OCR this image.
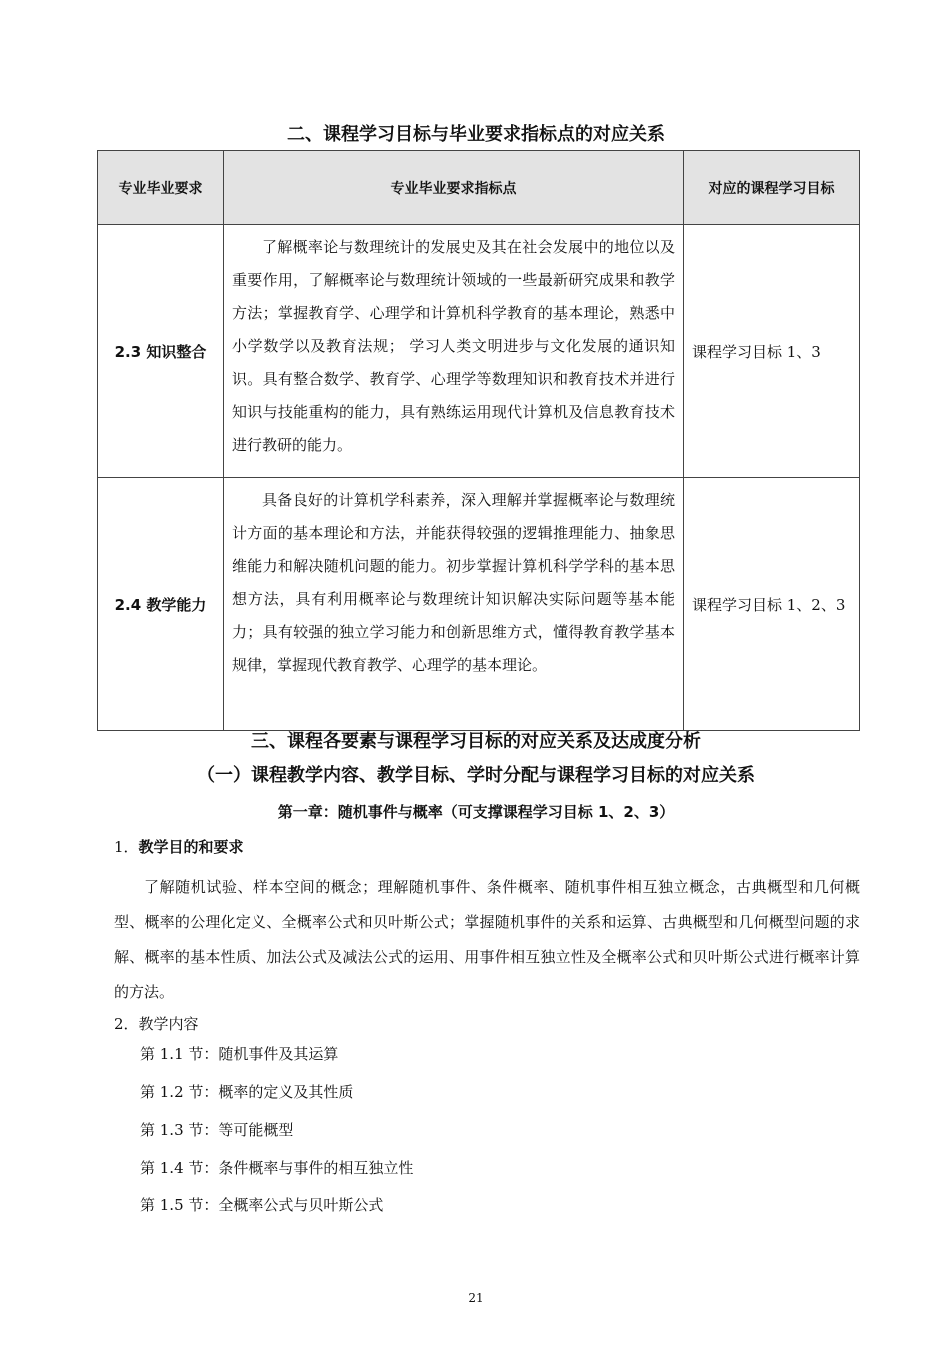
二、课程学习目标与毕业要求指标点的对应关系
专业毕业要求	专业毕业要求指标点	对应的课程学习目标
2.3 知识整合	了解概率论与数理统计的发展史及其在社会发展中的地位以及重要作用，了解概率论与数理统计领域的一些最新研究成果和教学方法；掌握教育学、心理学和计算机科学教育的基本理论，熟悉中小学数学以及教育法规； 学习人类文明进步与文化发展的通识知识。具有整合数学、教育学、心理学等数理知识和教育技术并进行知识与技能重构的能力，具有熟练运用现代计算机及信息教育技术进行教研的能力。	课程学习目标 1、3
2.4 教学能力	具备良好的计算机学科素养，深入理解并掌握概率论与数理统计方面的基本理论和方法，并能获得较强的逻辑推理能力、抽象思维能力和解决随机问题的能力。初步掌握计算机科学学科的基本思想方法，具有利用概率论与数理统计知识解决实际问题等基本能力；具有较强的独立学习能力和创新思维方式，懂得教育教学基本规律，掌握现代教育教学、心理学的基本理论。	课程学习目标 1、2、3
三、课程各要素与课程学习目标的对应关系及达成度分析
（一）课程教学内容、教学目标、学时分配与课程学习目标的对应关系
第一章：随机事件与概率（可支撑课程学习目标 1、2、3）
1．教学目的和要求

了解随机试验、样本空间的概念；理解随机事件、条件概率、随机事件相互独立概念，古典概型和几何概型、概率的公理化定义、全概率公式和贝叶斯公式；掌握随机事件的关系和运算、古典概型和几何概型问题的求解、概率的基本性质、加法公式及减法公式的运用、用事件相互独立性及全概率公式和贝叶斯公式进行概率计算的方法。

2．教学内容
第 1.1 节：随机事件及其运算
第 1.2 节：概率的定义及其性质
第 1.3 节：等可能概型
第 1.4 节：条件概率与事件的相互独立性
第 1.5 节：全概率公式与贝叶斯公式
21
